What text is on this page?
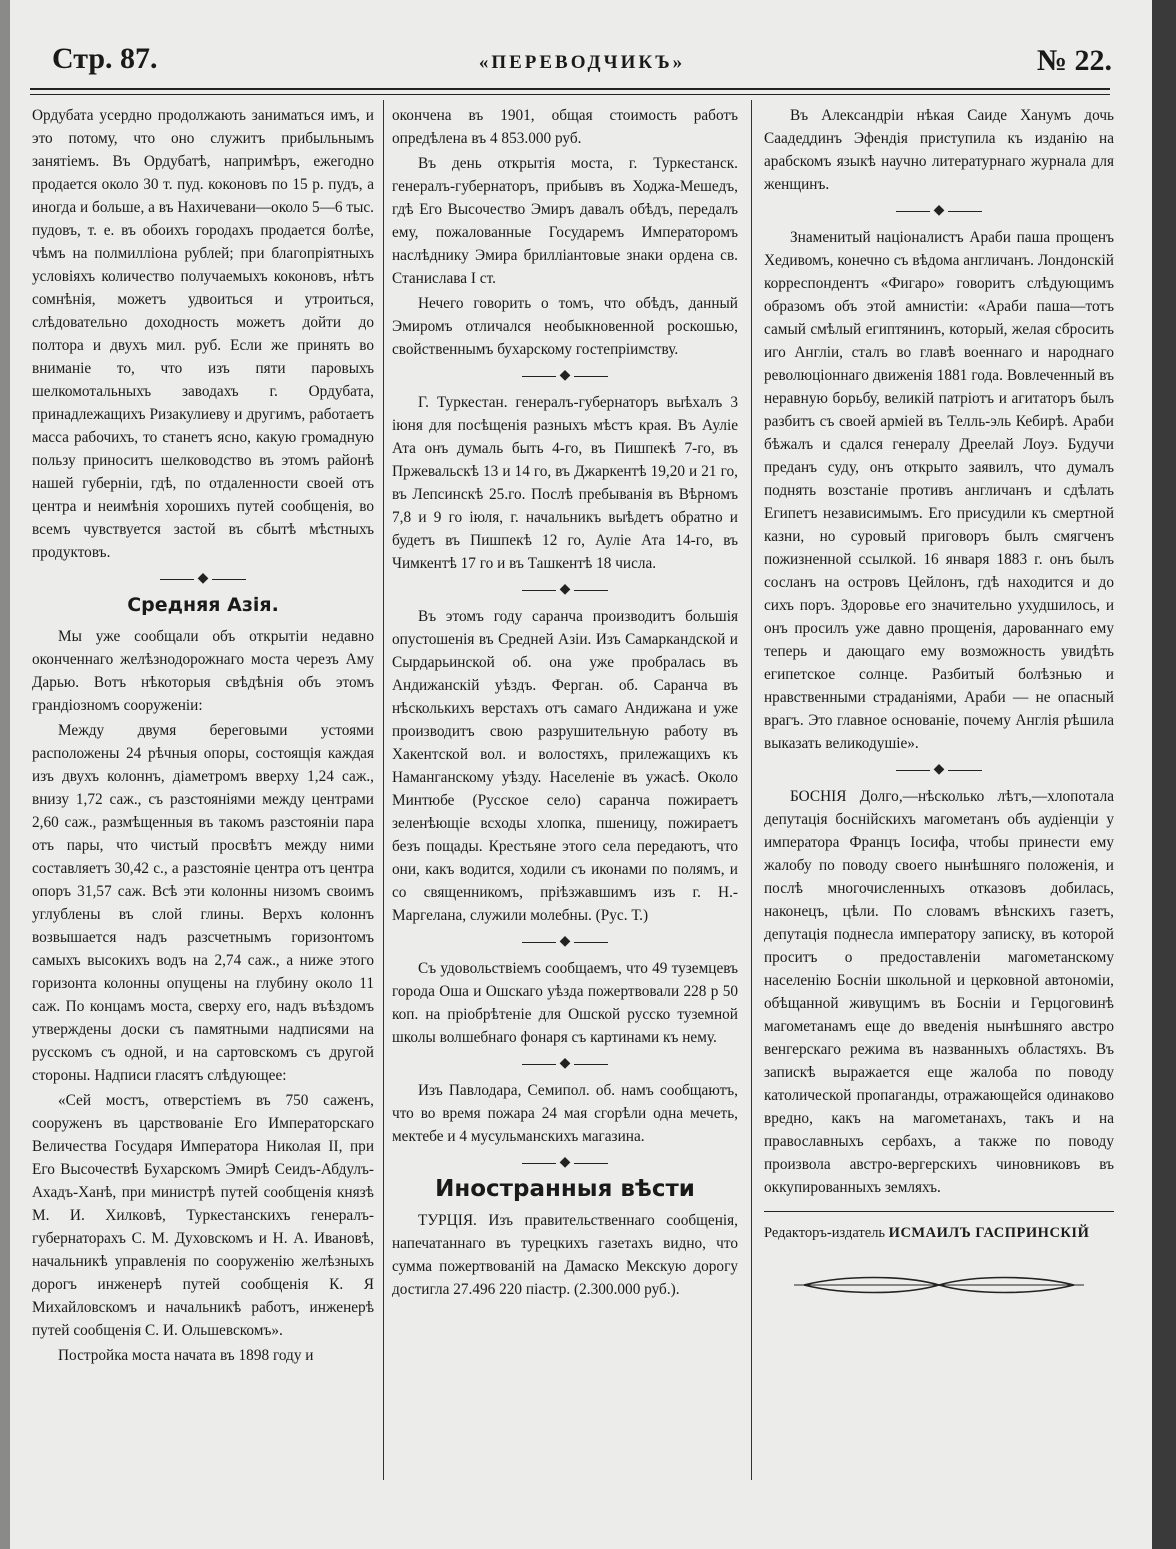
Стр. 87.	«ПЕРЕВОДЧИКЪ»	№ 22.

Ордубата усердно продолжають заниматься имъ, и это потому, что оно служитъ прибыльнымъ занятіемъ. Въ Ордубатѣ, напримѣръ, ежегодно продается около 30 т. пуд. коконовъ по 15 р. пудъ, а иногда и больше, а въ Нахичевани—около 5—6 тыс. пудовъ, т. е. въ обоихъ городахъ продается болѣе, чѣмъ на полмилліона рублей; при благопріятныхъ условіяхъ количество получаемыхъ коконовъ, нѣтъ сомнѣнія, можетъ удвоиться и утроиться, слѣдовательно доходность можетъ дойти до полтора и двухъ мил. руб. Если же принять во вниманіе то, что изъ пяти паровыхъ шелкомотальныхъ заводахъ г. Ордубата, принадлежащихъ Ризакулиеву и другимъ, работаетъ масса рабочихъ, то станетъ ясно, какую громадную пользу приноситъ шелководство въ этомъ районѣ нашей губерніи, гдѣ, по отдаленности своей отъ центра и неимѣнія хорошихъ путей сообщенія, во всемъ чувствуется застой въ сбытѣ мѣстныхъ продуктовъ.

◆
Средняя Азія.

Мы уже сообщали объ открытіи недавно оконченнаго желѣзнодорожнаго моста черезъ Аму Дарью. Вотъ нѣкоторыя свѣдѣнія объ этомъ грандіозномъ сооруженіи:

Между двумя береговыми устоями расположены 24 рѣчныя опоры, состоящія каждая изъ двухъ колоннъ, діаметромъ вверху 1,24 саж., внизу 1,72 саж., съ разстояніями между центрами 2,60 саж., размѣщенныя въ такомъ разстояніи пара отъ пары, что чистый просвѣтъ между ними составляетъ 30,42 с., а разстояніе центра отъ центра опоръ 31,57 саж. Всѣ эти колонны низомъ своимъ углублены въ слой глины. Верхъ колоннъ возвышается надъ разсчетнымъ горизонтомъ самыхъ высокихъ водъ на 2,74 саж., а ниже этого горизонта колонны опущены на глубину около 11 саж. По концамъ моста, сверху его, надъ въѣздомъ утверждены доски съ памятными надписями на русскомъ съ одной, и на сартовскомъ съ другой стороны. Надписи гласятъ слѣдующее:

«Сей мостъ, отверстіемъ въ 750 саженъ, сооруженъ въ царствованіе Его Императорскаго Величества Государя Императора Николая II, при Его Высочествѣ Бухарскомъ Эмирѣ Сеидъ-Абдулъ-Ахадъ-Ханѣ, при министрѣ путей сообщенія князѣ М. И. Хилковѣ, Туркестанскихъ генералъ-губернаторахъ С. М. Духовскомъ и Н. А. Ивановѣ, начальникѣ управленія по сооруженію желѣзныхъ дорогъ инженерѣ путей сообщенія К. Я Михайловскомъ и начальникѣ работъ, инженерѣ путей сообщенія С. И. Ольшевскомъ».

Постройка моста начата въ 1898 году и

окончена въ 1901, общая стоимость работъ опредѣлена въ 4 853.000 руб.

Въ день открытія моста, г. Туркестанск. генералъ-губернаторъ, прибывъ въ Ходжа-Мешедъ, гдѣ Его Высочество Эмиръ давалъ обѣдъ, передалъ ему, пожалованные Государемъ Императоромъ наслѣднику Эмира брилліантовые знаки ордена св. Станислава I ст.

Нечего говорить о томъ, что обѣдъ, данный Эмиромъ отличался необыкновенной роскошью, свойственнымъ бухарскому гостепріимству.

◆

Г. Туркестан. генералъ-губернаторъ выѣхалъ 3 іюня для посѣщенія разныхъ мѣстъ края. Въ Ауліе Ата онъ думаль быть 4-го, въ Пишпекѣ 7-го, въ Пржевальскѣ 13 и 14 го, въ Джаркентѣ 19,20 и 21 го, въ Лепсинскѣ 25.го. Послѣ пребыванія въ Вѣрномъ 7,8 и 9 го іюля, г. начальникъ выѣдетъ обратно и будетъ въ Пишпекѣ 12 го, Ауліе Ата 14-го, въ Чимкентѣ 17 го и въ Ташкентѣ 18 числа.

◆

Въ этомъ году саранча производитъ большія опустошенія въ Средней Азіи. Изъ Самаркандской и Сырдарьинской об. она уже пробралась въ Андижанскій уѣздъ. Ферган. об. Саранча въ нѣсколькихъ верстахъ отъ самаго Андижана и уже производитъ свою разрушительную работу въ Хакентской вол. и волостяхъ, прилежащихъ къ Наманганскому уѣзду. Населеніе въ ужасѣ. Около Минтюбе (Русское село) саранча пожираетъ зеленѣющіе всходы хлопка, пшеницу, пожираетъ безъ пощады. Крестьяне этого села передаютъ, что они, какъ водится, ходили съ иконами по полямъ, и со священникомъ, пріѣзжавшимъ изъ г. Н.-Маргелана, служили молебны. (Рус. Т.)

◆

Съ удовольствіемъ сообщаемъ, что 49 туземцевъ города Оша и Ошскаго уѣзда пожертвовали 228 р 50 коп. на пріобрѣтеніе для Ошской русско туземной школы волшебнаго фонаря съ картинами къ нему.

◆

Изъ Павлодара, Семипол. об. намъ сообщаютъ, что во время пожара 24 мая сгорѣли одна мечеть, мектебе и 4 мусульманскихъ магазина.

◆
Иностранныя вѣсти

ТУРЦІЯ. Изъ правительственнаго сообщенія, напечатаннаго въ турецкихъ газетахъ видно, что сумма пожертвованій на Дамаско Мекскую дорогу достигла 27.496 220 піастр. (2.300.000 руб.).

Въ Александріи нѣкая Саиде Ханумъ дочь Саадеддинъ Эфендія приступила къ изданію на арабскомъ языкѣ научно литературнаго журнала для женщинъ.

◆

Знаменитый націоналистъ Араби паша прощенъ Хедивомъ, конечно съ вѣдома англичанъ. Лондонскій корреспондентъ «Фигаро» говоритъ слѣдующимъ образомъ объ этой амнистіи: «Араби паша—тотъ самый смѣлый египтянинъ, который, желая сбросить иго Англіи, сталъ во главѣ военнаго и народнаго революціоннаго движенія 1881 года. Вовлеченный въ неравную борьбу, великій патріотъ и агитаторъ былъ разбитъ съ своей арміей въ Телль-эль Кебирѣ. Араби бѣжалъ и сдался генералу Дреелай Лоуэ. Будучи преданъ суду, онъ открыто заявилъ, что думалъ поднять возстаніе противъ англичанъ и сдѣлать Египетъ независимымъ. Его присудили къ смертной казни, но суровый приговоръ былъ смягченъ пожизненной ссылкой. 16 января 1883 г. онъ былъ сосланъ на островъ Цейлонъ, гдѣ находится и до сихъ поръ. Здоровье его значительно ухудшилось, и онъ просилъ уже давно прощенія, дарованнаго ему теперь и дающаго ему возможность увидѣть египетское солнце. Разбитый болѣзнью и нравственными страданіями, Араби — не опасный врагъ. Это главное основаніе, почему Англія рѣшила выказать великодушіе».

◆

БОСНІЯ Долго,—нѣсколько лѣтъ,—хлопотала депутація боснійскихъ магометанъ объ аудіенціи у императора Францъ Іосифа, чтобы принести ему жалобу по поводу своего нынѣшняго положенія, и послѣ многочисленныхъ отказовъ добилась, наконецъ, цѣли. По словамъ вѣнскихъ газетъ, депутація поднесла императору записку, въ которой проситъ о предоставленіи магометанскому населенію Босніи школьной и церковной автономіи, обѣщанной живущимъ въ Босніи и Герцоговинѣ магометанамъ еще до введенія нынѣшняго австро венгерскаго режима въ названныхъ областяхъ. Въ запискѣ выражается еще жалоба по поводу католической пропаганды, отражающейся одинаково вредно, какъ на магометанахъ, такъ и на православныхъ сербахъ, а также по поводу произвола австро-вергерскихъ чиновниковъ въ оккупированныхъ земляхъ.

Редакторъ-издатель ИСМАИЛЪ ГАСПРИНСКІЙ
